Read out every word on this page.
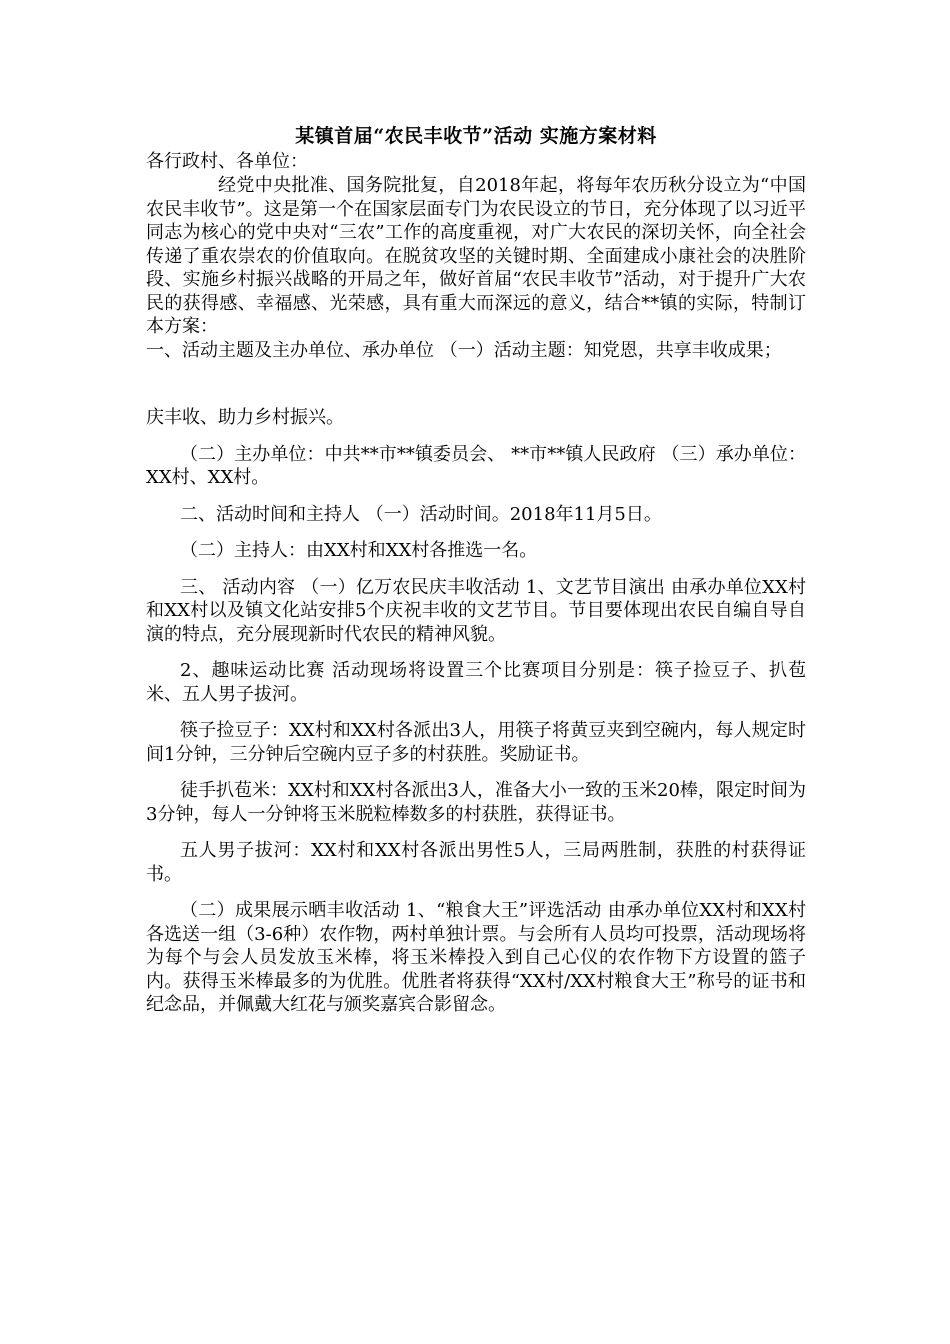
某镇首届“农民丰收节”活动 实施方案材料

各行政村、各单位：

经党中央批准、国务院批复，自2018年起，将每年农历秋分设立为“中国农民丰收节”。这是第一个在国家层面专门为农民设立的节日，充分体现了以习近平同志为核心的党中央对“三农”工作的高度重视，对广大农民的深切关怀，向全社会传递了重农崇农的价值取向。在脱贫攻坚的关键时期、全面建成小康社会的决胜阶段、实施乡村振兴战略的开局之年，做好首届“农民丰收节”活动，对于提升广大农民的获得感、幸福感、光荣感，具有重大而深远的意义，结合**镇的实际，特制订本方案：

一、活动主题及主办单位、承办单位 （一）活动主题：知党恩，共享丰收成果；

庆丰收、助力乡村振兴。

（二）主办单位：中共**市**镇委员会、 **市**镇人民政府 （三）承办单位：XX村、XX村。

二、活动时间和主持人 （一）活动时间。2018年11月5日。

（二）主持人：由XX村和XX村各推选一名。

三、 活动内容 （一）亿万农民庆丰收活动 1、文艺节目演出 由承办单位XX村和XX村以及镇文化站安排5个庆祝丰收的文艺节目。节目要体现出农民自编自导自演的特点，充分展现新时代农民的精神风貌。

2、趣味运动比赛 活动现场将设置三个比赛项目分别是：筷子捡豆子、扒苞米、五人男子拔河。

筷子捡豆子：XX村和XX村各派出3人，用筷子将黄豆夹到空碗内，每人规定时间1分钟，三分钟后空碗内豆子多的村获胜。奖励证书。

徒手扒苞米：XX村和XX村各派出3人，准备大小一致的玉米20棒，限定时间为3分钟，每人一分钟将玉米脱粒棒数多的村获胜，获得证书。

五人男子拔河：XX村和XX村各派出男性5人，三局两胜制，获胜的村获得证书。

（二）成果展示晒丰收活动 1、“粮食大王”评选活动 由承办单位XX村和XX村各选送一组（3-6种）农作物，两村单独计票。与会所有人员均可投票，活动现场将为每个与会人员发放玉米棒，将玉米棒投入到自己心仪的农作物下方设置的篮子内。获得玉米棒最多的为优胜。优胜者将获得“XX村/XX村粮食大王”称号的证书和纪念品，并佩戴大红花与颁奖嘉宾合影留念。
